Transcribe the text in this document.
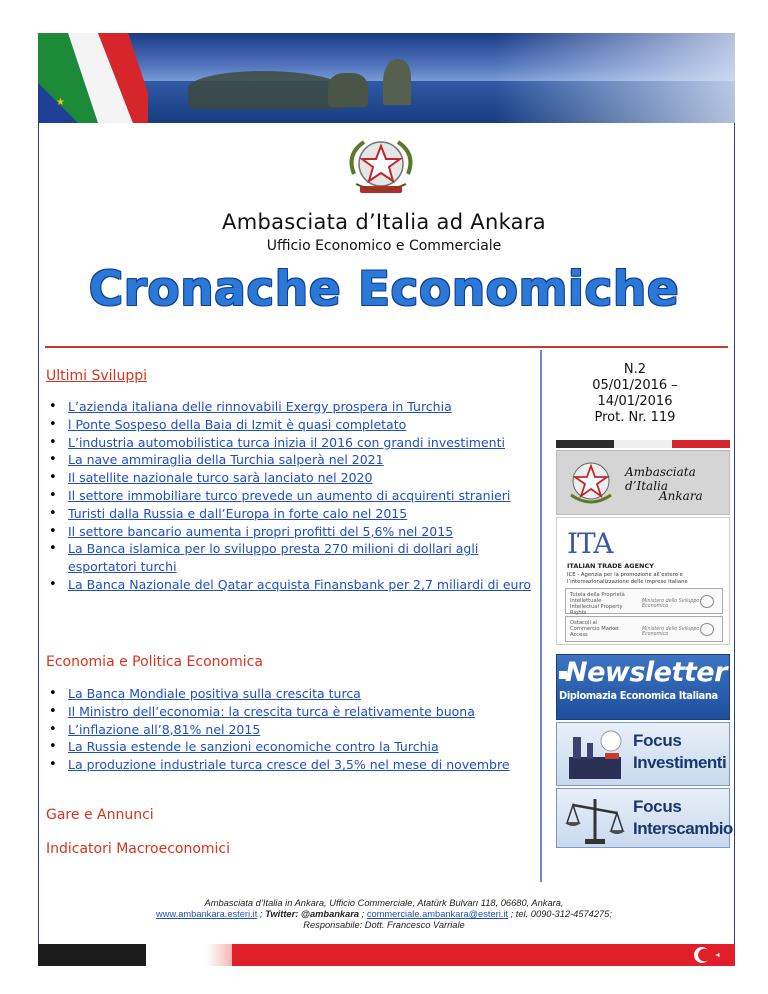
★
Ambasciata d’Italia ad Ankara
Ufficio Economico e Commerciale
Cronache Economiche
Ultimi Sviluppi
• L’azienda italiana delle rinnovabili Exergy prospera in Turchia
• l Ponte Sospeso della Baia di Izmit è quasi completato
• L’industria automobilistica turca inizia il 2016 con grandi investimenti
• La nave ammiraglia della Turchia salperà nel 2021
• Il satellite nazionale turco sarà lanciato nel 2020
• Il settore immobiliare turco prevede un aumento di acquirenti stranieri
• Turisti dalla Russia e dall’Europa in forte calo nel 2015
• Il settore bancario aumenta i propri profitti del 5,6% nel 2015
• La Banca islamica per lo sviluppo presta 270 milioni di dollari agli esportatori turchi
• La Banca Nazionale del Qatar acquista Finansbank per 2,7 miliardi di euro
Economia e Politica Economica
• La Banca Mondiale positiva sulla crescita turca
• Il Ministro dell’economia: la crescita turca è relativamente buona
• L’inflazione all’8,81% nel 2015
• La Russia estende le sanzioni economiche contro la Turchia
• La produzione industriale turca cresce del 3,5% nel mese di novembre
Gare e Annunci
Indicatori Macroeconomici
N.2
05/01/2016 –
14/01/2016
Prot. Nr. 119
Ambasciata d’Italia
Ankara
ITA
ITALIAN TRADE AGENCY
ICE - Agenzia per la promozione all’estero e l’internazionalizzazione delle imprese italiane
Tutela della Proprietà Intellettuale Intellectual Property Rights
Ministero dello Sviluppo Economico
Ostacoli al Commercio Market Access
Ministero dello Sviluppo Economico
Newsletter
Diplomazia Economica Italiana
Focus
Investimenti
Focus
Interscambio
Ambasciata d’Italia in Ankara, Ufficio Commerciale, Atatürk Bulvarı 118, 06680, Ankara,
www.ambankara.esteri.it ; Twitter: @ambankara ; commerciale.ambankara@esteri.it ; tel. 0090-312-4574275;
Responsabile: Dott. Francesco Varriale
